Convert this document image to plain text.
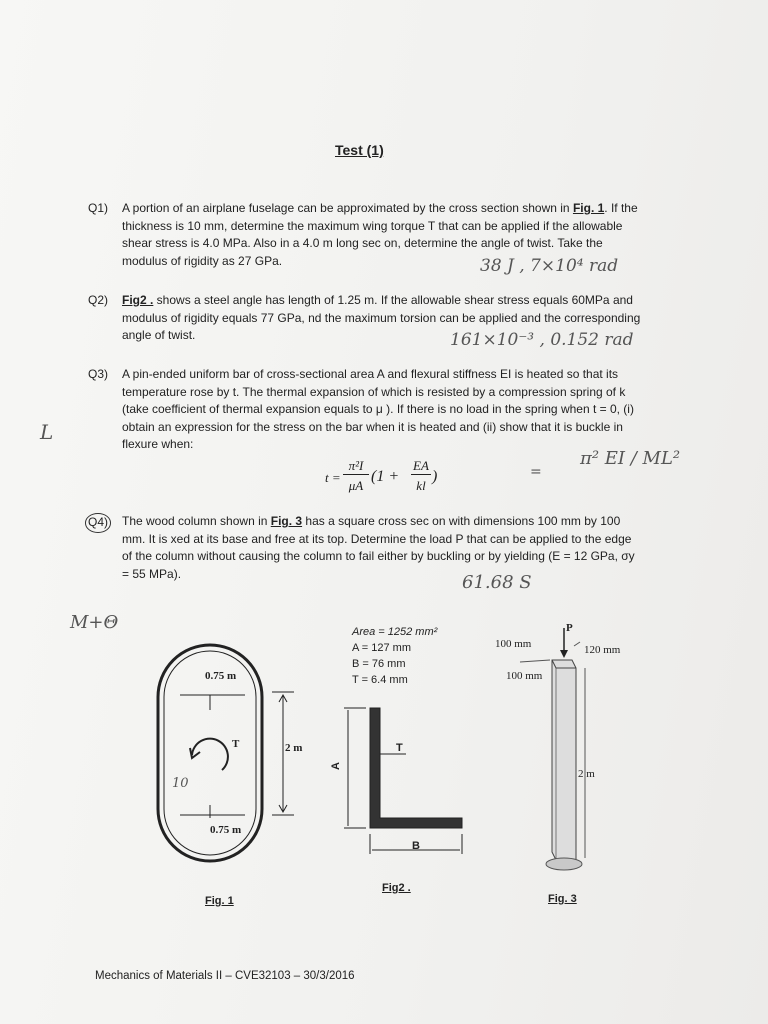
Test (1)
Q1) A portion of an airplane fuselage can be approximated by the cross section shown in Fig. 1. If the thickness is 10 mm, determine the maximum wing torque T that can be applied if the allowable shear stress is 4.0 MPa. Also in a 4.0 m long sec on, determine the angle of twist. Take the modulus of rigidity as 27 GPa.	38 J , 7×10⁴ rad
Q2) Fig2 . shows a steel angle has length of 1.25 m. If the allowable shear stress equals 60MPa and modulus of rigidity equals 77 GPa, nd the maximum torsion can be applied and the corresponding angle of twist.	161×10⁻³ , 0.152 rad
Q3) A pin-ended uniform bar of cross-sectional area A and flexural stiffness EI is heated so that its temperature rose by t. The thermal expansion of which is resisted by a compression spring of k (take coefficient of thermal expansion equals to μ ). If there is no load in the spring when t = 0, (i) obtain an expression for the stress on the bar when it is heated and (ii) show that it is buckle in flexure when:
L
t =
π²I
μA
(1 +
EA
kl
)	=
π² EI / ML²
Q4) The wood column shown in Fig. 3 has a square cross sec on with dimensions 100 mm by 100 mm. It is xed at its base and free at its top. Determine the load P that can be applied to the edge of the column without causing the column to fail either by buckling or by yielding (E = 12 GPa, σy = 55 MPa).	61.68 S
M+Θ
0.75 m
0.75 m
2 m
T
10
Fig. 1
Area = 1252 mm²
A = 127 mm
B = 76 mm
T = 6.4 mm
A
B
T
Fig2 .
P
100 mm	120 mm
100 mm
2 m
Fig. 3
Mechanics of Materials II – CVE32103 – 30/3/2016
